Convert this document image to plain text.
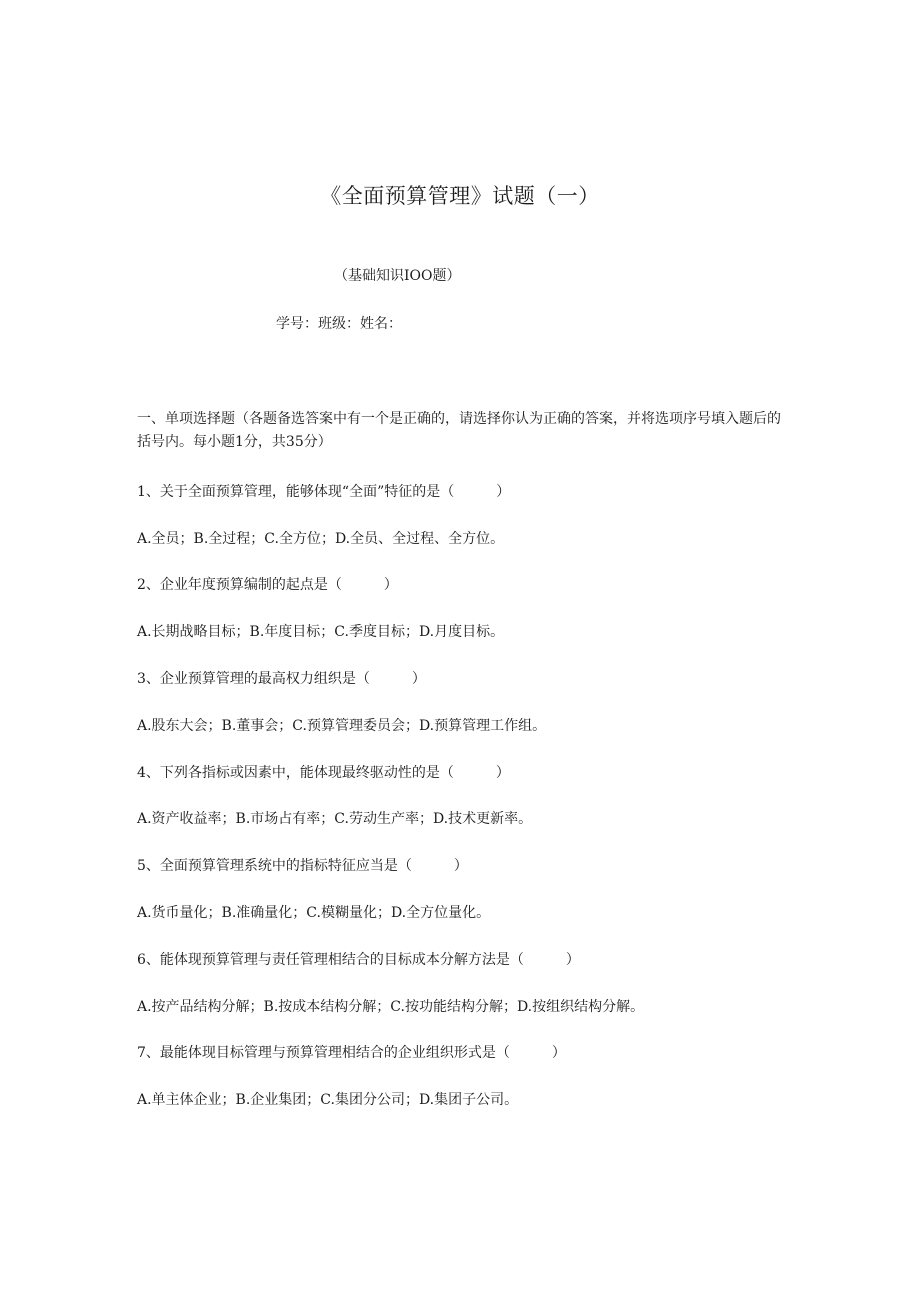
《全面预算管理》试题（一）
（基础知识IOO题）
学号：班级：姓名：
一、单项选择题（各题备选答案中有一个是正确的，请选择你认为正确的答案，并将选项序号填入题后的括号内。每小题1分，共35分）
1、关于全面预算管理，能够体现“全面”特征的是（　　　）
A.全员；B.全过程；C.全方位；D.全员、全过程、全方位。
2、企业年度预算编制的起点是（　　　）
A.长期战略目标；B.年度目标；C.季度目标；D.月度目标。
3、企业预算管理的最高权力组织是（　　　）
A.股东大会；B.董事会；C.预算管理委员会；D.预算管理工作组。
4、下列各指标或因素中，能体现最终驱动性的是（　　　）
A.资产收益率；B.市场占有率；C.劳动生产率；D.技术更新率。
5、全面预算管理系统中的指标特征应当是（　　　）
A.货币量化；B.准确量化；C.模糊量化；D.全方位量化。
6、能体现预算管理与责任管理相结合的目标成本分解方法是（　　　）
A.按产品结构分解；B.按成本结构分解；C.按功能结构分解；D.按组织结构分解。
7、最能体现目标管理与预算管理相结合的企业组织形式是（　　　）
A.单主体企业；B.企业集团；C.集团分公司；D.集团子公司。
